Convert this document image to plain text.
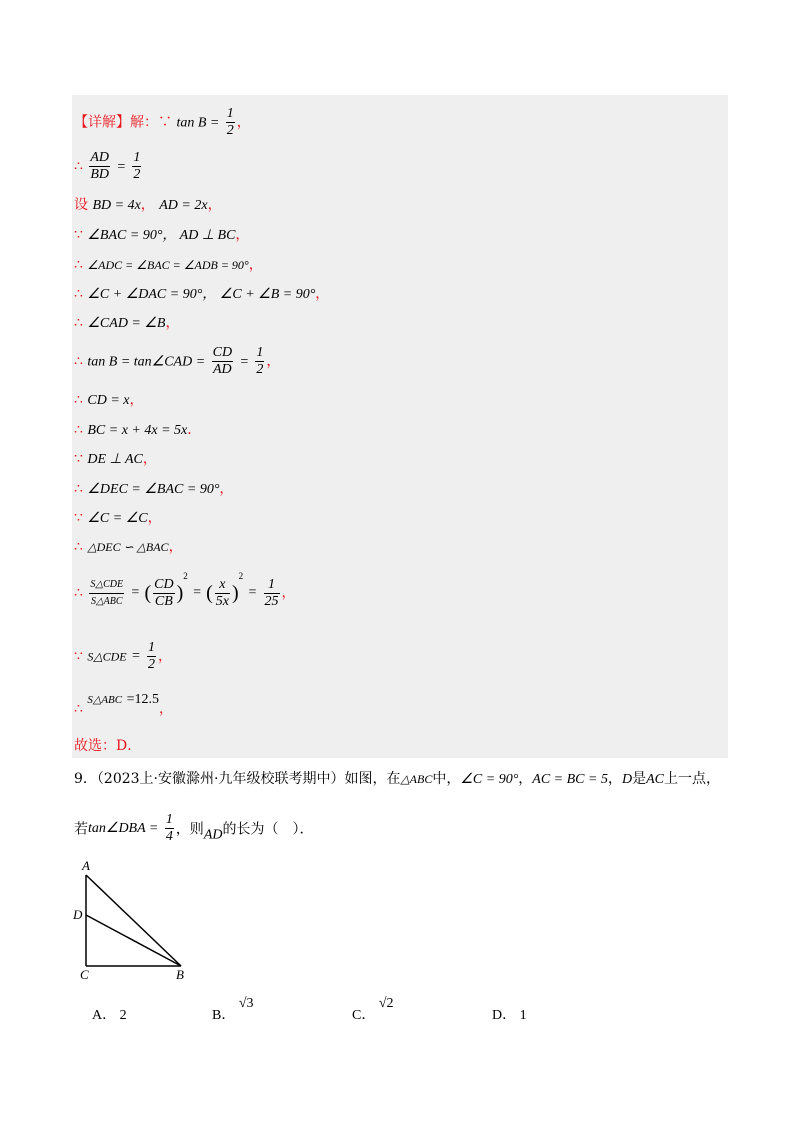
【详解】解：∵ $\tan B = \frac{1}{2}$ ，
∴ $\frac{AD}{BD} = \frac{1}{2}$
设 BD = 4x， AD = 2x，
∵ ∠BAC = 90°， AD ⊥ BC，
∴ ∠ADC = ∠BAC = ∠ADB = 90°，
∴ ∠C + ∠DAC = 90°， ∠C + ∠B = 90°，
∴ ∠CAD = ∠B，
∴ tan B = tan∠CAD = $\frac{CD}{AD} = \frac{1}{2}$ ，
∴ CD = x，
∴ BC = x + 4x = 5x．
∵ DE ⊥ AC，
∴ ∠DEC = ∠BAC = 90°，
∵ ∠C = ∠C，
∴ △DEC ∽ △BAC，
∴ $\frac{\text{S△CDE}}{\text{S△ABC}}$ = ( $\frac{CD}{CB} )^2$ = ( $\frac{x}{5x} )^2 = \frac{1}{25}$ ，
∵ S△CDE = $\frac{1}{2}$ ，
∴ S△ABC =12.5，
故选：D．
9．（2023上·安徽滁州·九年级校联考期中）如图，在△ABC中，∠C = 90°，AC = BC = 5，D是AC上一点，
若tan∠DBA = $\frac{1}{4}$ ，则AD的长为（　）．
A
D
C	B
A． 2	B． √3
C． √2
D． 1
